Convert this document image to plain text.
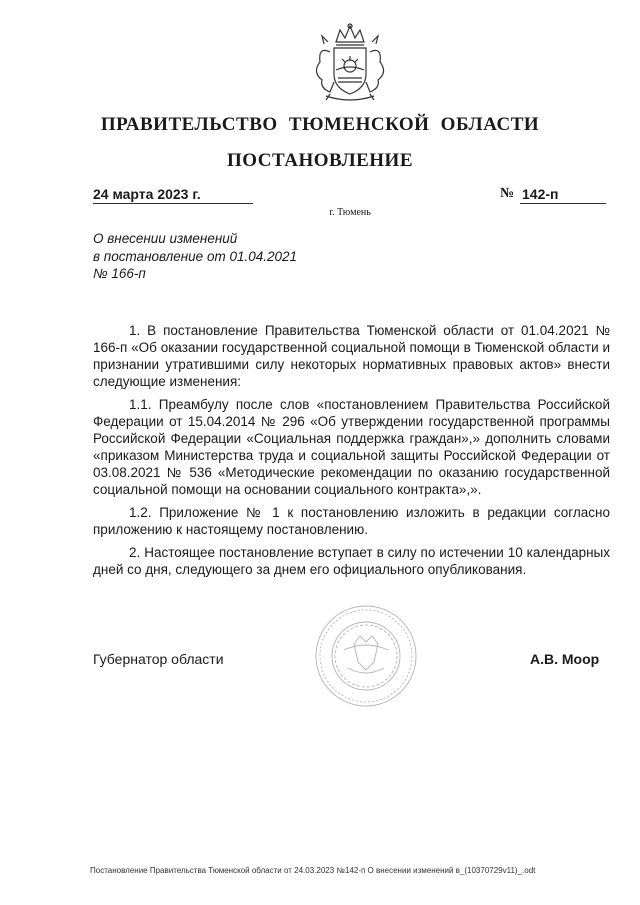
ПРАВИТЕЛЬСТВО ТЮМЕНСКОЙ ОБЛАСТИ
ПОСТАНОВЛЕНИЕ
24 марта 2023 г.	№ 142-п
г. Тюмень
О внесении изменений
в постановление от 01.04.2021
№ 166-п

1. В постановление Правительства Тюменской области от 01.04.2021 № 166-п «Об оказании государственной социальной помощи в Тюменской области и признании утратившими силу некоторых нормативных правовых актов» внести следующие изменения:

1.1. Преамбулу после слов «постановлением Правительства Российской Федерации от 15.04.2014 № 296 «Об утверждении государственной программы Российской Федерации «Социальная поддержка граждан»,» дополнить словами «приказом Министерства труда и социальной защиты Российской Федерации от 03.08.2021 № 536 «Методические рекомендации по оказанию государственной социальной помощи на основании социального контракта»,».

1.2. Приложение № 1 к постановлению изложить в редакции согласно приложению к настоящему постановлению.

2. Настоящее постановление вступает в силу по истечении 10 календарных дней со дня, следующего за днем его официального опубликования.

Губернатор области	А.В. Моор
Постановление Правительства Тюменской области от 24.03.2023 №142-п О внесении изменений в_(10370729v11)_.odt
